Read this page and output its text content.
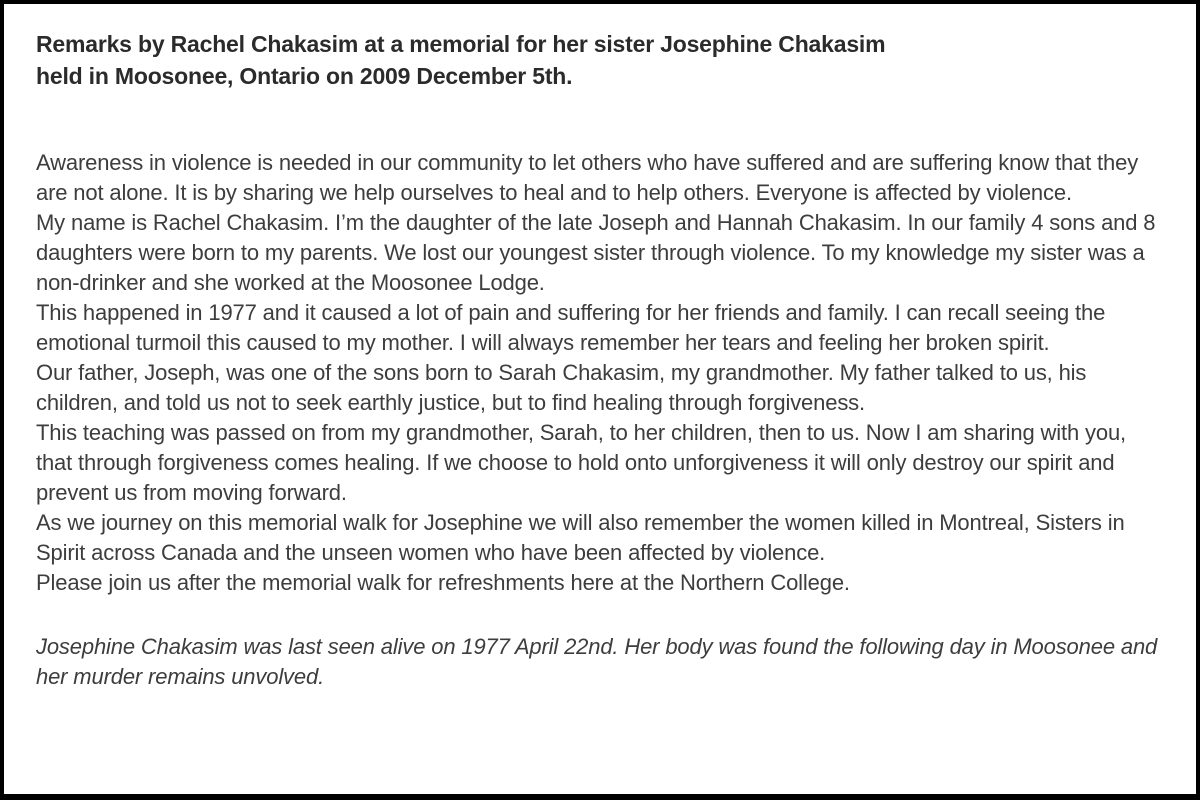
Remarks by Rachel Chakasim at a memorial for her sister Josephine Chakasim
held in Moosonee, Ontario on 2009 December 5th.

Awareness in violence is needed in our community to let others who have suffered and are suffering know that they are not alone. It is by sharing we help ourselves to heal and to help others. Everyone is affected by violence.

My name is Rachel Chakasim. I’m the daughter of the late Joseph and Hannah Chakasim. In our family 4 sons and 8 daughters were born to my parents. We lost our youngest sister through violence. To my knowledge my sister was a non-drinker and she worked at the Moosonee Lodge.

This happened in 1977 and it caused a lot of pain and suffering for her friends and family. I can recall seeing the emotional turmoil this caused to my mother. I will always remember her tears and feeling her broken spirit.

Our father, Joseph, was one of the sons born to Sarah Chakasim, my grandmother. My father talked to us, his children, and told us not to seek earthly justice, but to find healing through forgiveness.

This teaching was passed on from my grandmother, Sarah, to her children, then to us. Now I am sharing with you, that through forgiveness comes healing. If we choose to hold onto unforgiveness it will only destroy our spirit and prevent us from moving forward.

As we journey on this memorial walk for Josephine we will also remember the women killed in Montreal, Sisters in Spirit across Canada and the unseen women who have been affected by violence.

Please join us after the memorial walk for refreshments here at the Northern College.

Josephine Chakasim was last seen alive on 1977 April 22nd. Her body was found the following day in Moosonee and her murder remains unvolved.
